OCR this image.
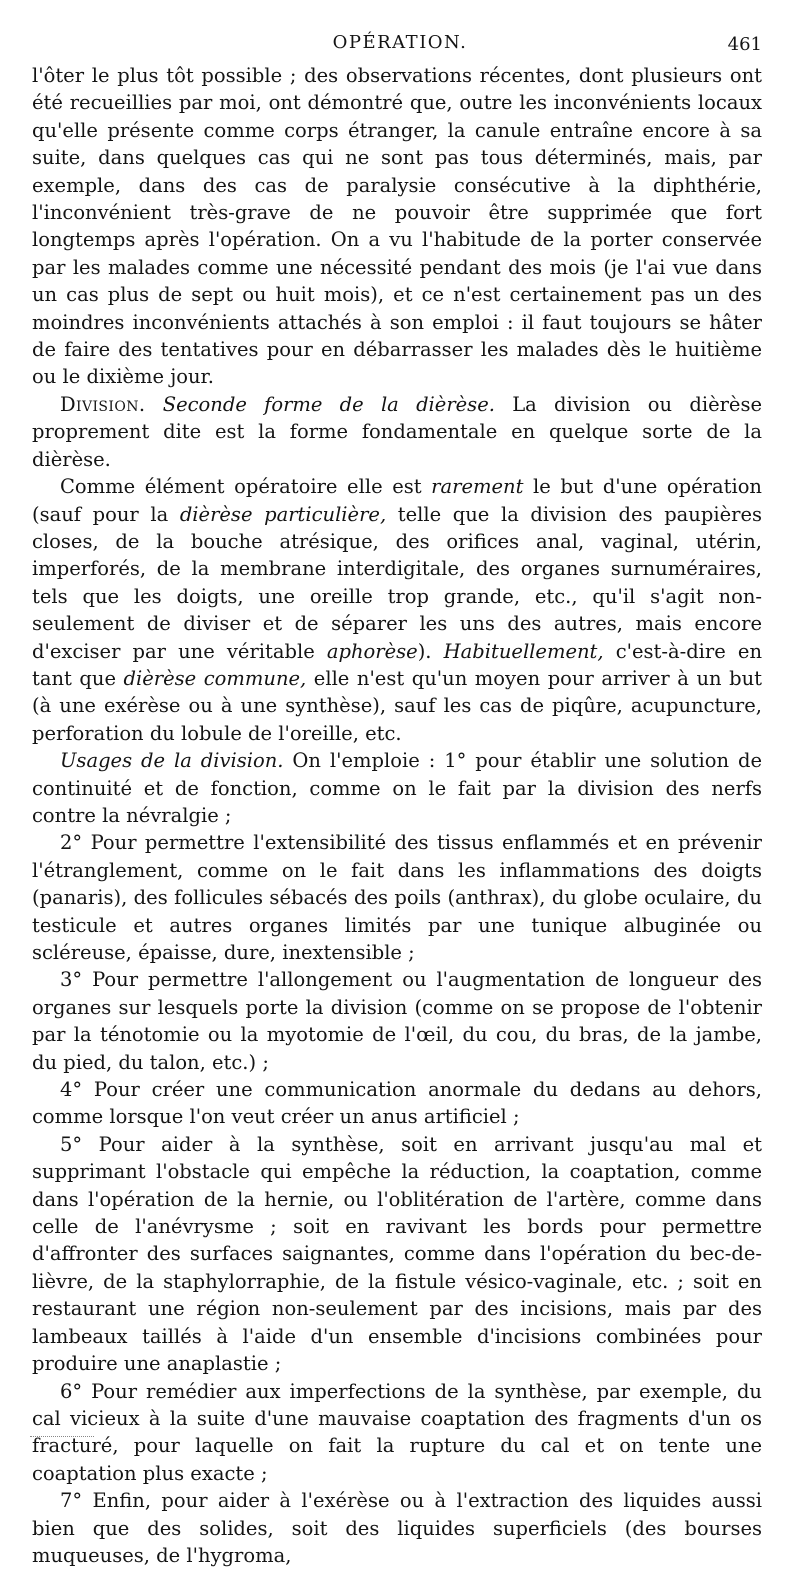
OPÉRATION.	461

l'ôter le plus tôt possible ; des observations récentes, dont plusieurs ont été recueillies par moi, ont démontré que, outre les inconvénients locaux qu'elle présente comme corps étranger, la canule entraîne encore à sa suite, dans quelques cas qui ne sont pas tous déterminés, mais, par exemple, dans des cas de paralysie consécutive à la diphthérie, l'inconvénient très-grave de ne pouvoir être supprimée que fort longtemps après l'opération. On a vu l'habitude de la porter conservée par les malades comme une nécessité pendant des mois (je l'ai vue dans un cas plus de sept ou huit mois), et ce n'est certainement pas un des moindres inconvénients attachés à son emploi : il faut toujours se hâter de faire des tentatives pour en débarrasser les malades dès le huitième ou le dixième jour.

Division. Seconde forme de la dièrèse. La division ou dièrèse proprement dite est la forme fondamentale en quelque sorte de la dièrèse.

Comme élément opératoire elle est rarement le but d'une opération (sauf pour la dièrèse particulière, telle que la division des paupières closes, de la bouche atrésique, des orifices anal, vaginal, utérin, imperforés, de la membrane interdigitale, des organes surnuméraires, tels que les doigts, une oreille trop grande, etc., qu'il s'agit non-seulement de diviser et de séparer les uns des autres, mais encore d'exciser par une véritable aphorèse). Habituellement, c'est-à-dire en tant que dièrèse commune, elle n'est qu'un moyen pour arriver à un but (à une exérèse ou à une synthèse), sauf les cas de piqûre, acupuncture, perforation du lobule de l'oreille, etc.

Usages de la division. On l'emploie : 1° pour établir une solution de continuité et de fonction, comme on le fait par la division des nerfs contre la névralgie ;

2° Pour permettre l'extensibilité des tissus enflammés et en prévenir l'étranglement, comme on le fait dans les inflammations des doigts (panaris), des follicules sébacés des poils (anthrax), du globe oculaire, du testicule et autres organes limités par une tunique albuginée ou scléreuse, épaisse, dure, inextensible ;

3° Pour permettre l'allongement ou l'augmentation de longueur des organes sur lesquels porte la division (comme on se propose de l'obtenir par la ténotomie ou la myotomie de l'œil, du cou, du bras, de la jambe, du pied, du talon, etc.) ;

4° Pour créer une communication anormale du dedans au dehors, comme lorsque l'on veut créer un anus artificiel ;

5° Pour aider à la synthèse, soit en arrivant jusqu'au mal et supprimant l'obstacle qui empêche la réduction, la coaptation, comme dans l'opération de la hernie, ou l'oblitération de l'artère, comme dans celle de l'anévrysme ; soit en ravivant les bords pour permettre d'affronter des surfaces saignantes, comme dans l'opération du bec-de-lièvre, de la staphylorraphie, de la fistule vésico-vaginale, etc. ; soit en restaurant une région non-seulement par des incisions, mais par des lambeaux taillés à l'aide d'un ensemble d'incisions combinées pour produire une anaplastie ;

6° Pour remédier aux imperfections de la synthèse, par exemple, du cal vicieux à la suite d'une mauvaise coaptation des fragments d'un os fracturé, pour laquelle on fait la rupture du cal et on tente une coaptation plus exacte ;

7° Enfin, pour aider à l'exérèse ou à l'extraction des liquides aussi bien que des solides, soit des liquides superficiels (des bourses muqueuses, de l'hygroma,
